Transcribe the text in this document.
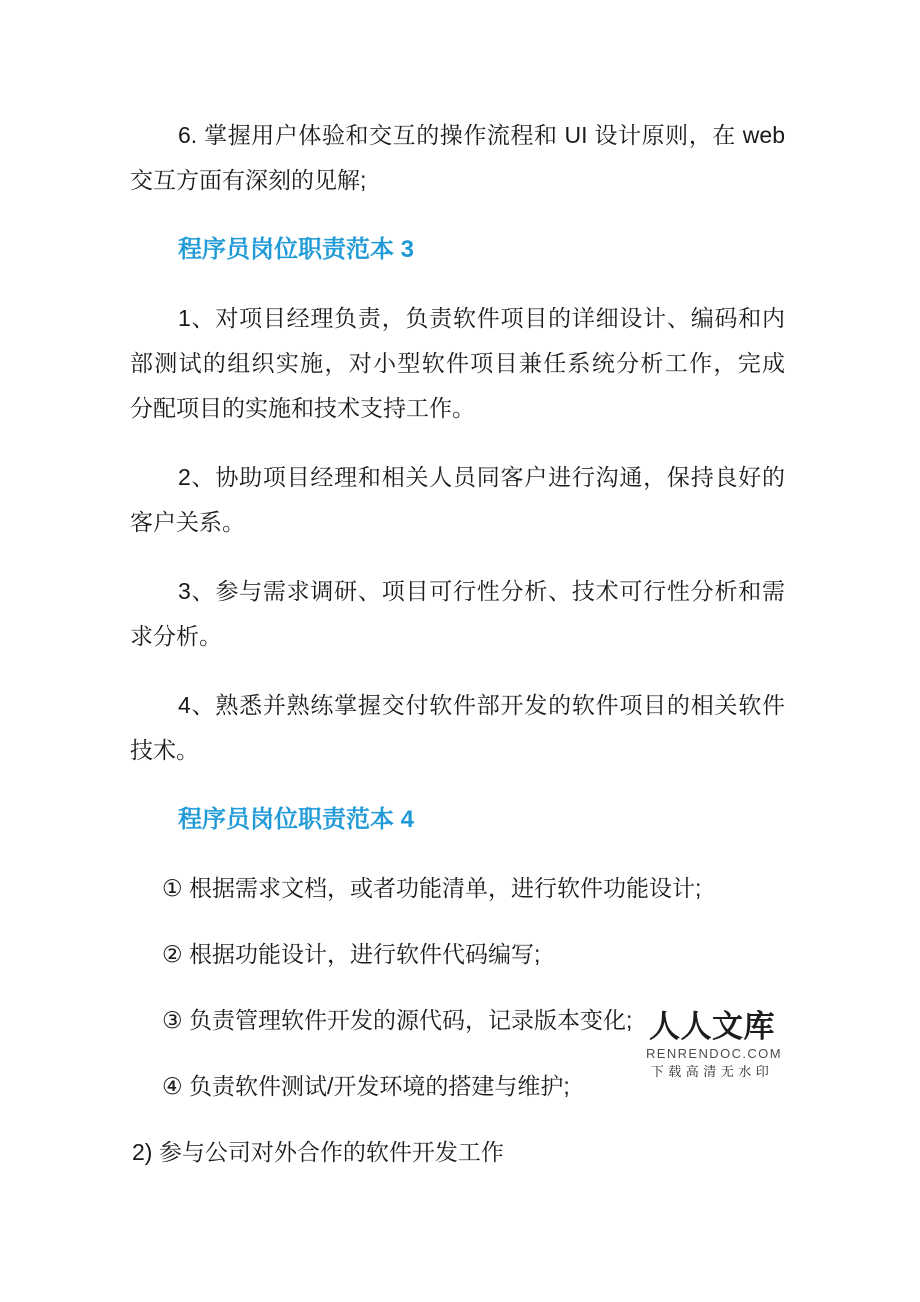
6. 掌握用户体验和交互的操作流程和 UI 设计原则，在 web
交互方面有深刻的见解;
程序员岗位职责范本 3
1、对项目经理负责，负责软件项目的详细设计、编码和内
部测试的组织实施，对小型软件项目兼任系统分析工作，完成
分配项目的实施和技术支持工作。
2、协助项目经理和相关人员同客户进行沟通，保持良好的
客户关系。
3、参与需求调研、项目可行性分析、技术可行性分析和需
求分析。
4、熟悉并熟练掌握交付软件部开发的软件项目的相关软件
技术。
程序员岗位职责范本 4
① 根据需求文档，或者功能清单，进行软件功能设计;
② 根据功能设计，进行软件代码编写;
③ 负责管理软件开发的源代码，记录版本变化;
④ 负责软件测试/开发环境的搭建与维护;
2) 参与公司对外合作的软件开发工作
人人文库
RENRENDOC.COM
下载高清无水印
